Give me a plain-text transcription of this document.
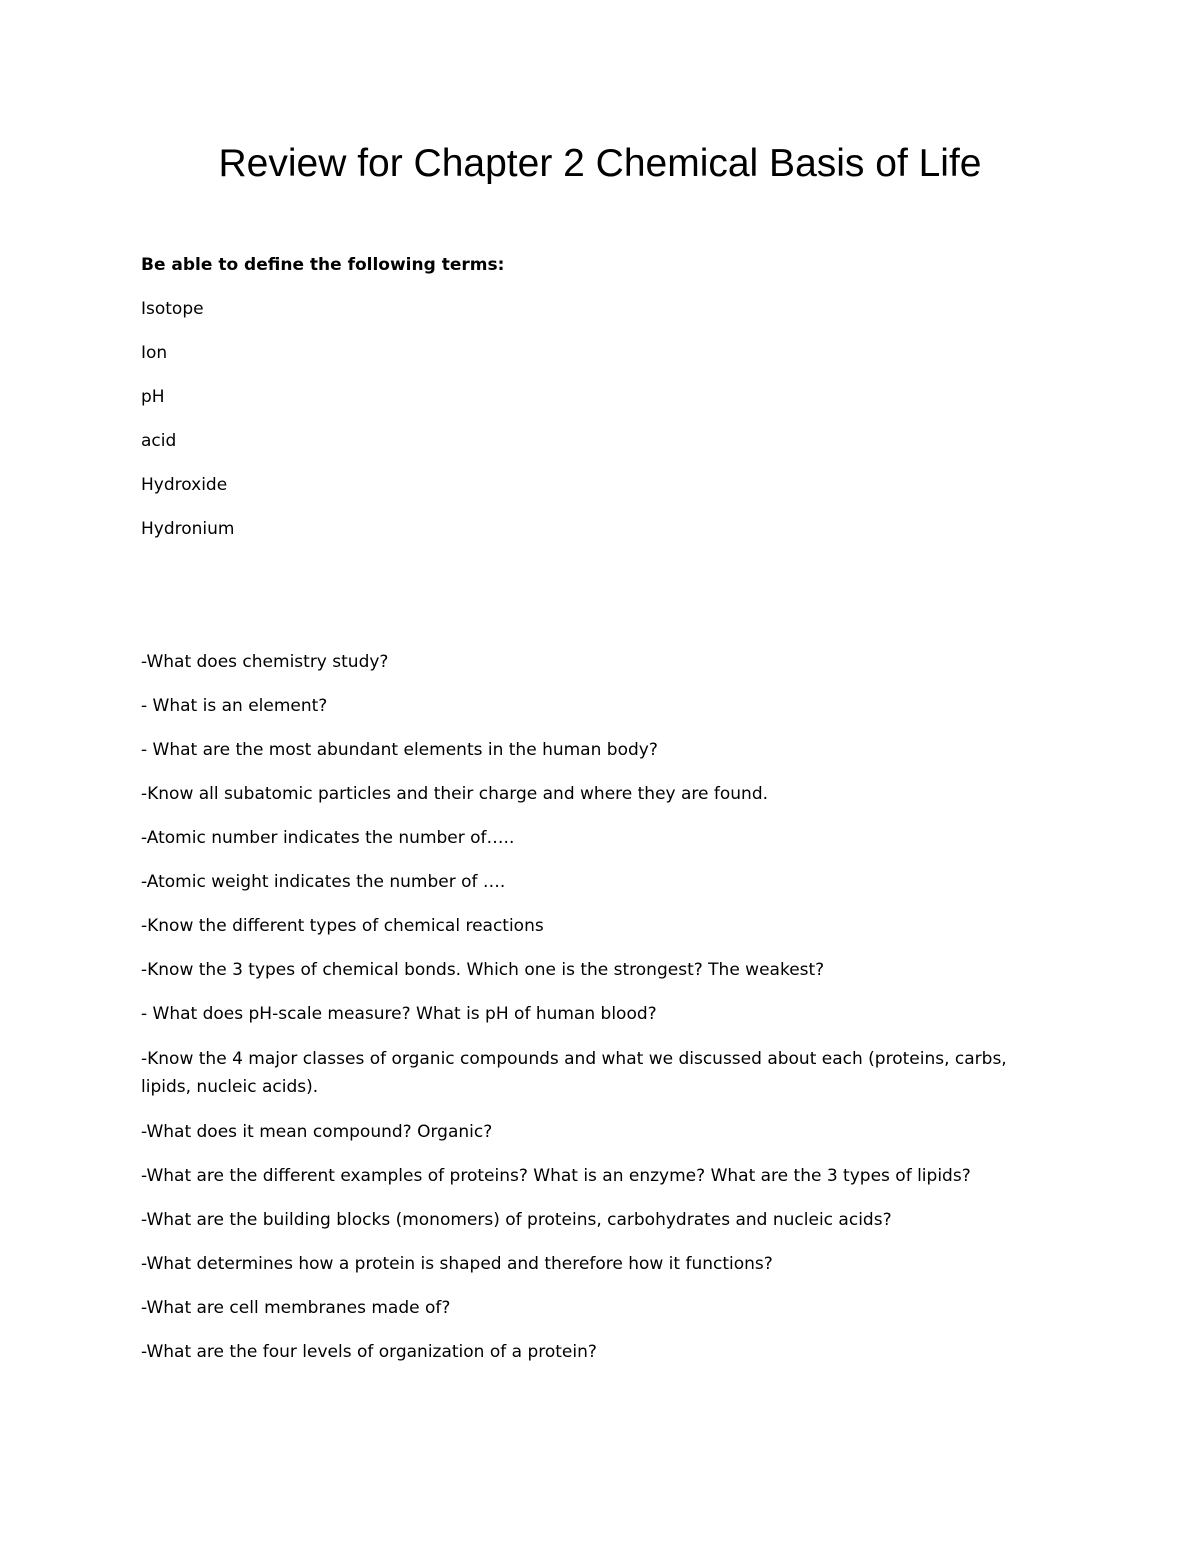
Review for Chapter 2 Chemical Basis of Life

Be able to define the following terms:

Isotope
Ion
pH
acid
Hydroxide
Hydronium
-What does chemistry study?
- What is an element?
- What are the most abundant elements in the human body?
-Know all subatomic particles and their charge and where they are found.
-Atomic number indicates the number of…..
-Atomic weight indicates the number of ….
-Know the different types of chemical reactions
-Know the 3 types of chemical bonds. Which one is the strongest? The weakest?
- What does pH-scale measure? What is pH of human blood?
-Know the 4 major classes of organic compounds and what we discussed about each (proteins, carbs, lipids, nucleic acids).
-What does it mean compound? Organic?
-What are the different examples of proteins? What is an enzyme? What are the 3 types of lipids?
-What are the building blocks (monomers) of proteins, carbohydrates and nucleic acids?
-What determines how a protein is shaped and therefore how it functions?
-What are cell membranes made of?
-What are the four levels of organization of a protein?
